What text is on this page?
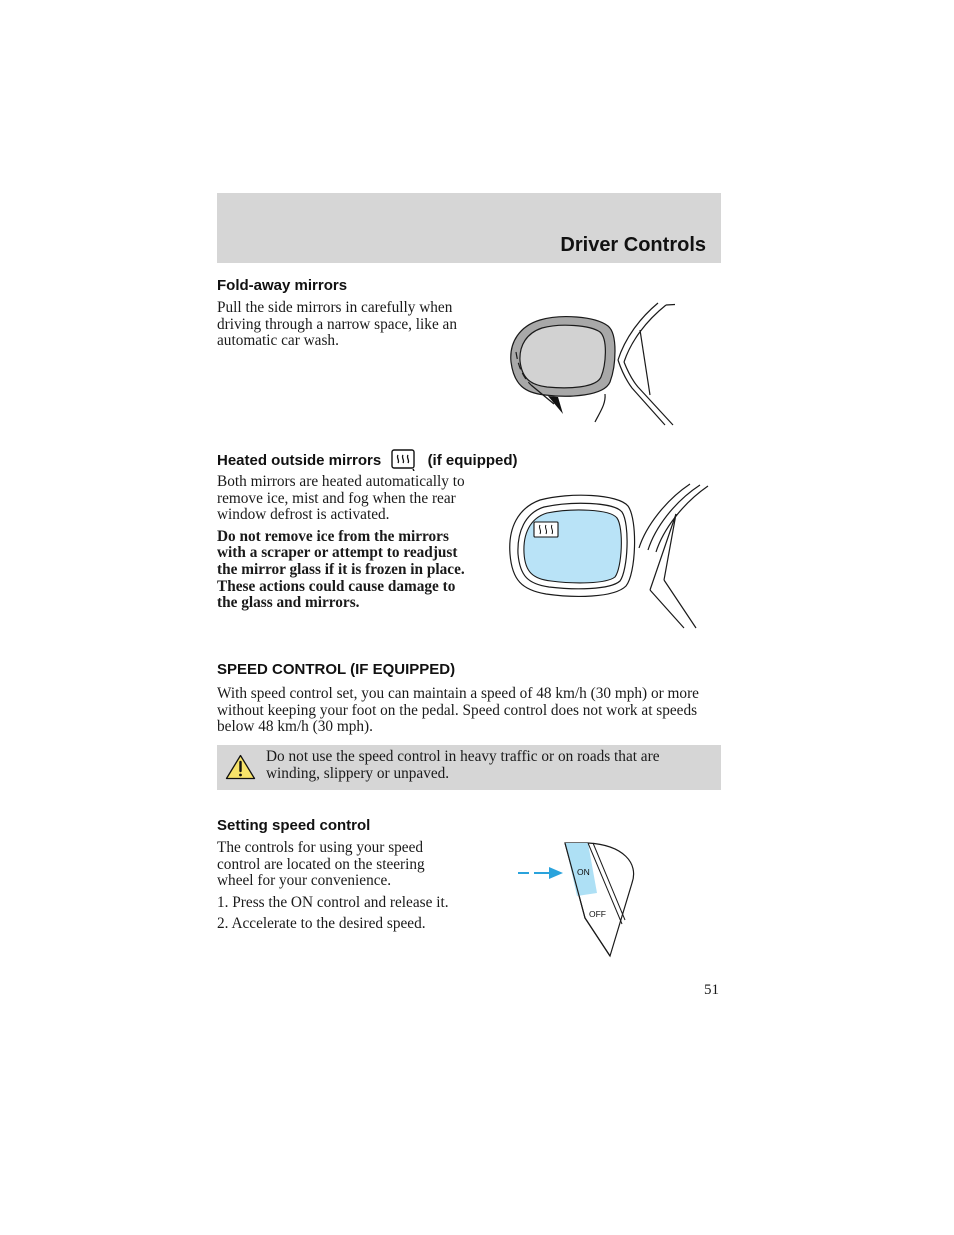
Driver Controls
Fold-away mirrors

Pull the side mirrors in carefully when driving through a narrow space, like an automatic car wash.

Heated outside mirrors	(if equipped)

Both mirrors are heated automatically to remove ice, mist and fog when the rear window defrost is activated.

Do not remove ice from the mirrors with a scraper or attempt to readjust the mirror glass if it is frozen in place. These actions could cause damage to the glass and mirrors.

SPEED CONTROL (IF EQUIPPED)

With speed control set, you can maintain a speed of 48 km/h (30 mph) or more without keeping your foot on the pedal. Speed control does not work at speeds below 48 km/h (30 mph).

Do not use the speed control in heavy traffic or on roads that are winding, slippery or unpaved.
Setting speed control

The controls for using your speed control are located on the steering wheel for your convenience.

1. Press the ON control and release it.

2. Accelerate to the desired speed.

ON
OFF
51
